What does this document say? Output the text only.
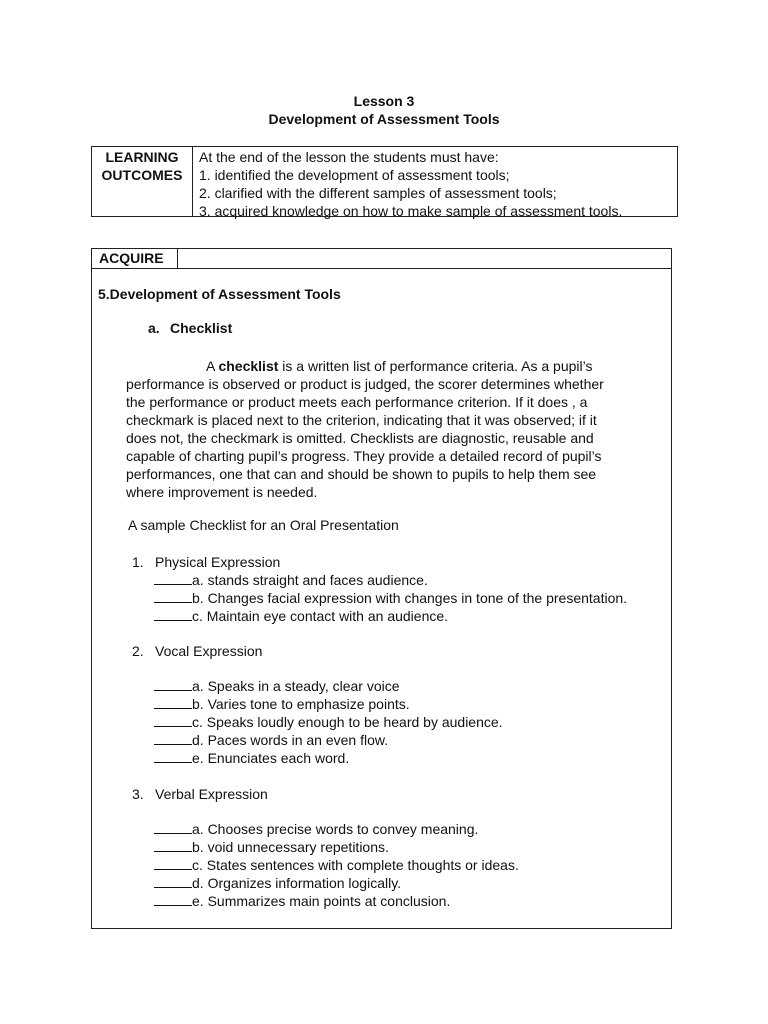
Lesson 3
Development of Assessment Tools
LEARNING
OUTCOMES
At the end of the lesson the students must have:
1. identified the development of assessment tools;
2. clarified with the different samples of assessment tools;
3. acquired knowledge on how to make sample of assessment tools.
ACQUIRE
5.Development of Assessment Tools
a. Checklist
A checklist is a written list of performance criteria. As a pupil’s
performance is observed or product is judged, the scorer determines whether
the performance or product meets each performance criterion. If it does , a
checkmark is placed next to the criterion, indicating that it was observed; if it
does not, the checkmark is omitted. Checklists are diagnostic, reusable and
capable of charting pupil’s progress. They provide a detailed record of pupil’s
performances, one that can and should be shown to pupils to help them see
where improvement is needed.
A sample Checklist for an Oral Presentation
1. Physical Expression
a. stands straight and faces audience.
b. Changes facial expression with changes in tone of the presentation.
c. Maintain eye contact with an audience.
2. Vocal Expression
a. Speaks in a steady, clear voice
b. Varies tone to emphasize points.
c. Speaks loudly enough to be heard by audience.
d. Paces words in an even flow.
e. Enunciates each word.
3. Verbal Expression
a. Chooses precise words to convey meaning.
b. void unnecessary repetitions.
c. States sentences with complete thoughts or ideas.
d. Organizes information logically.
e. Summarizes main points at conclusion.
